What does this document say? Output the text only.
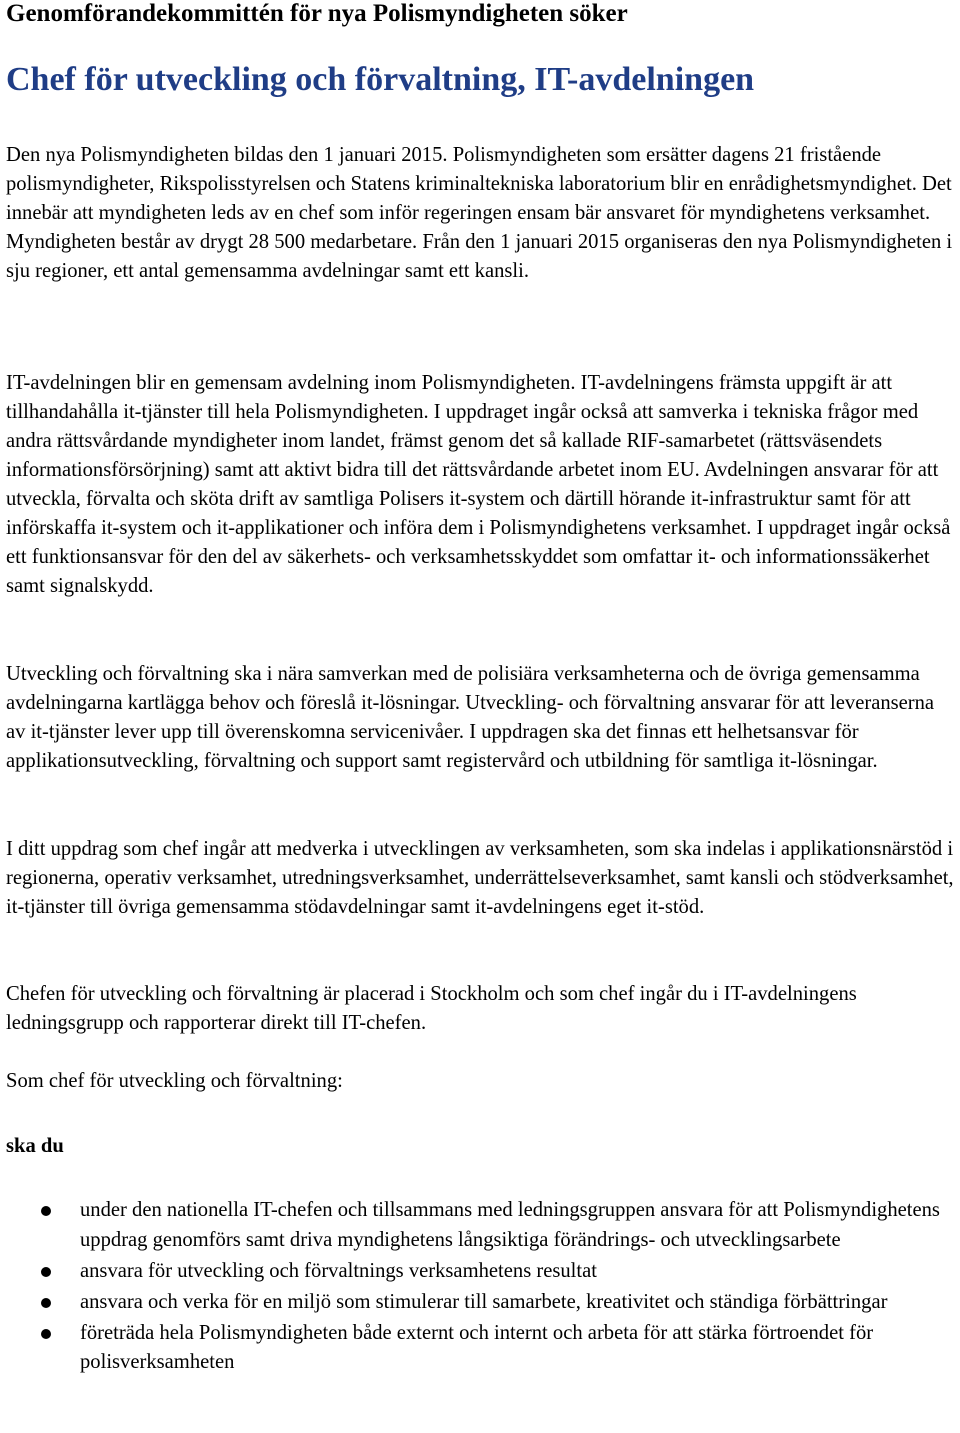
Genomförandekommittén för nya Polismyndigheten söker
Chef för utveckling och förvaltning, IT-avdelningen

Den nya Polismyndigheten bildas den 1 januari 2015. Polismyndigheten som ersätter dagens 21 fristående polismyndigheter, Rikspolisstyrelsen och Statens kriminaltekniska laboratorium blir en enrådighetsmyndighet. Det innebär att myndigheten leds av en chef som inför regeringen ensam bär ansvaret för myndighetens verksamhet. Myndigheten består av drygt 28 500 medarbetare. Från den 1 januari 2015 organiseras den nya Polismyndigheten i sju regioner, ett antal gemensamma avdelningar samt ett kansli.

IT-avdelningen blir en gemensam avdelning inom Polismyndigheten. IT-avdelningens främsta uppgift är att tillhandahålla it-tjänster till hela Polismyndigheten. I uppdraget ingår också att samverka i tekniska frågor med andra rättsvårdande myndigheter inom landet, främst genom det så kallade RIF-samarbetet (rättsväsendets informationsförsörjning) samt att aktivt bidra till det rättsvårdande arbetet inom EU. Avdelningen ansvarar för att utveckla, förvalta och sköta drift av samtliga Polisers it-system och därtill hörande it-infrastruktur samt för att införskaffa it-system och it-applikationer och införa dem i Polismyndighetens verksamhet. I uppdraget ingår också ett funktionsansvar för den del av säkerhets- och verksamhetsskyddet som omfattar it- och informationssäkerhet samt signalskydd.

Utveckling och förvaltning ska i nära samverkan med de polisiära verksamheterna och de övriga gemensamma avdelningarna kartlägga behov och föreslå it-lösningar. Utveckling- och förvaltning ansvarar för att leveranserna av it-tjänster lever upp till överenskomna servicenivåer. I uppdragen ska det finnas ett helhetsansvar för applikationsutveckling, förvaltning och support samt registervård och utbildning för samtliga it-lösningar.

I ditt uppdrag som chef ingår att medverka i utvecklingen av verksamheten, som ska indelas i applikationsnärstöd i regionerna, operativ verksamhet, utredningsverksamhet, underrättelseverksamhet, samt kansli och stödverksamhet, it-tjänster till övriga gemensamma stödavdelningar samt it-avdelningens eget it-stöd.

Chefen för utveckling och förvaltning är placerad i Stockholm och som chef ingår du i IT-avdelningens ledningsgrupp och rapporterar direkt till IT-chefen.

Som chef för utveckling och förvaltning:

ska du
under den nationella IT-chefen och tillsammans med ledningsgruppen ansvara för att Polismyndighetens uppdrag genomförs samt driva myndighetens långsiktiga förändrings- och utvecklingsarbete
ansvara för utveckling och förvaltnings verksamhetens resultat
ansvara och verka för en miljö som stimulerar till samarbete, kreativitet och ständiga förbättringar
företräda hela Polismyndigheten både externt och internt och arbeta för att stärka förtroendet för polisverksamheten
